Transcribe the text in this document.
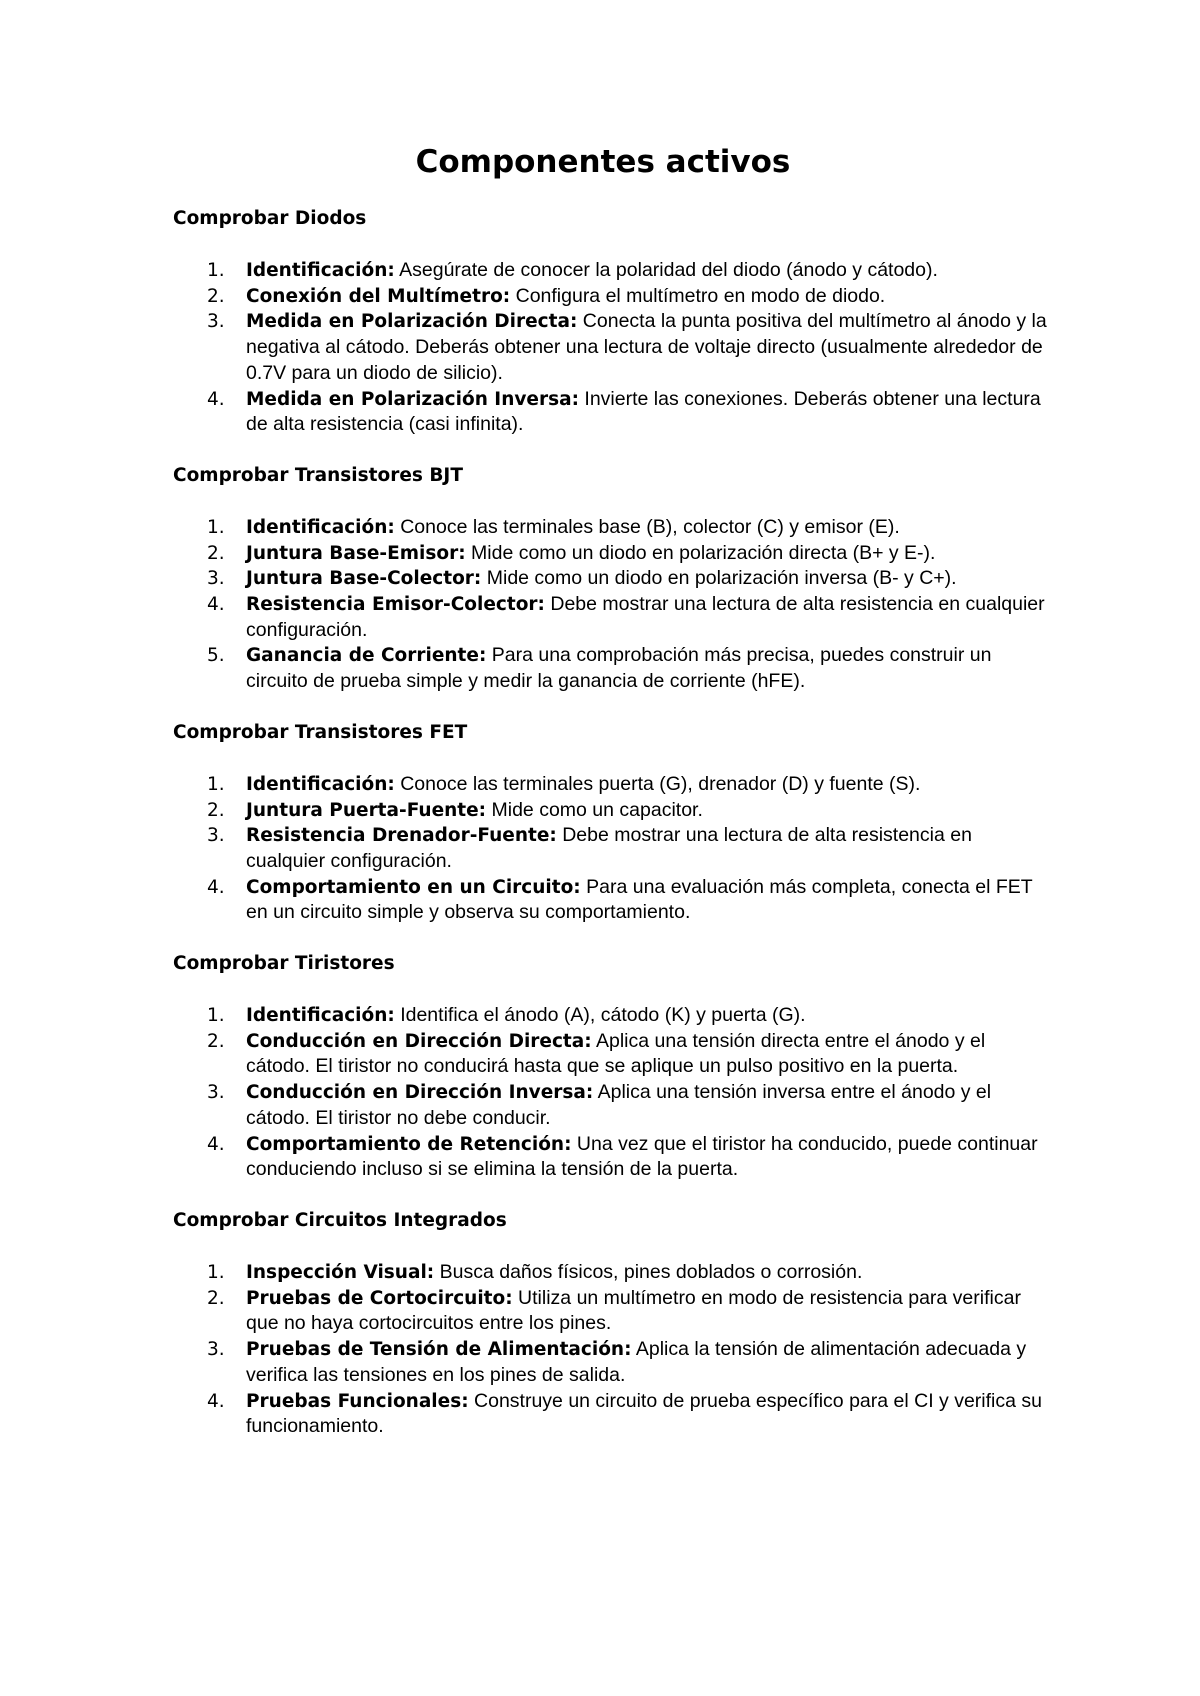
Componentes activos
Comprobar Diodos
1. Identificación: Asegúrate de conocer la polaridad del diodo (ánodo y cátodo).
2. Conexión del Multímetro: Configura el multímetro en modo de diodo.
3. Medida en Polarización Directa: Conecta la punta positiva del multímetro al ánodo y la negativa al cátodo. Deberás obtener una lectura de voltaje directo (usualmente alrededor de 0.7V para un diodo de silicio).
4. Medida en Polarización Inversa: Invierte las conexiones. Deberás obtener una lectura de alta resistencia (casi infinita).
Comprobar Transistores BJT
1. Identificación: Conoce las terminales base (B), colector (C) y emisor (E).
2. Juntura Base-Emisor: Mide como un diodo en polarización directa (B+ y E-).
3. Juntura Base-Colector: Mide como un diodo en polarización inversa (B- y C+).
4. Resistencia Emisor-Colector: Debe mostrar una lectura de alta resistencia en cualquier configuración.
5. Ganancia de Corriente: Para una comprobación más precisa, puedes construir un circuito de prueba simple y medir la ganancia de corriente (hFE).
Comprobar Transistores FET
1. Identificación: Conoce las terminales puerta (G), drenador (D) y fuente (S).
2. Juntura Puerta-Fuente: Mide como un capacitor.
3. Resistencia Drenador-Fuente: Debe mostrar una lectura de alta resistencia en cualquier configuración.
4. Comportamiento en un Circuito: Para una evaluación más completa, conecta el FET en un circuito simple y observa su comportamiento.
Comprobar Tiristores
1. Identificación: Identifica el ánodo (A), cátodo (K) y puerta (G).
2. Conducción en Dirección Directa: Aplica una tensión directa entre el ánodo y el cátodo. El tiristor no conducirá hasta que se aplique un pulso positivo en la puerta.
3. Conducción en Dirección Inversa: Aplica una tensión inversa entre el ánodo y el cátodo. El tiristor no debe conducir.
4. Comportamiento de Retención: Una vez que el tiristor ha conducido, puede continuar conduciendo incluso si se elimina la tensión de la puerta.
Comprobar Circuitos Integrados
1. Inspección Visual: Busca daños físicos, pines doblados o corrosión.
2. Pruebas de Cortocircuito: Utiliza un multímetro en modo de resistencia para verificar que no haya cortocircuitos entre los pines.
3. Pruebas de Tensión de Alimentación: Aplica la tensión de alimentación adecuada y verifica las tensiones en los pines de salida.
4. Pruebas Funcionales: Construye un circuito de prueba específico para el CI y verifica su funcionamiento.
